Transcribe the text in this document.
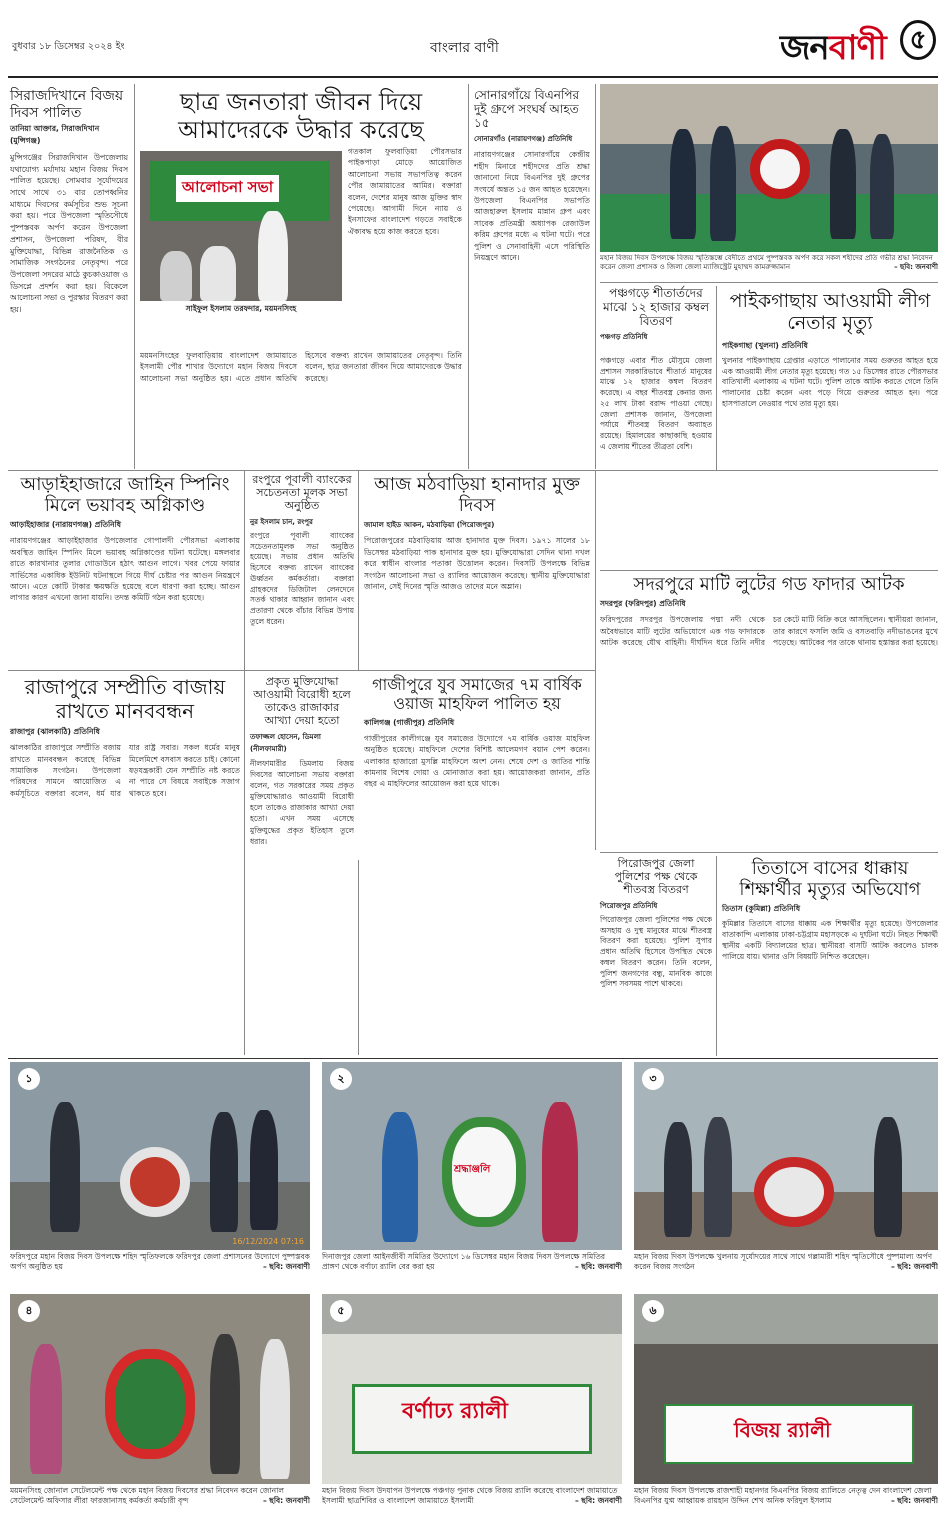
বুধবার ১৮ ডিসেম্বর ২০২৪ ইং	বাংলার বাণী	জনবাণী ৫
সিরাজদিখানে বিজয় দিবস পালিত
তানিয়া আক্তার, সিরাজদিখান (মুন্সিগঞ্জ)
মুন্সিগঞ্জের সিরাজদিখান উপজেলায় যথাযোগ্য মর্যাদায় মহান বিজয় দিবস পালিত হয়েছে। সোমবার সূর্যোদয়ের সাথে সাথে ৩১ বার তোপধ্বনির মাধ্যমে দিবসের কর্মসূচির শুভ সূচনা করা হয়। পরে উপজেলা স্মৃতিসৌধে পুষ্পস্তবক অর্পণ করেন উপজেলা প্রশাসন, উপজেলা পরিষদ, বীর মুক্তিযোদ্ধা, বিভিন্ন রাজনৈতিক ও সামাজিক সংগঠনের নেতৃবৃন্দ। পরে উপজেলা সদরের মাঠে কুচকাওয়াজ ও ডিসপ্লে প্রদর্শন করা হয়। বিকেলে আলোচনা সভা ও পুরস্কার বিতরণ করা হয়।
ছাত্র জনতারা জীবন দিয়ে আমাদেরকে উদ্ধার করেছে
আলোচনা সভা
সাইফুল ইসলাম তরফদার, ময়মনসিংহ
গতকাল ফুলবাড়িয়া পৌরসভার পাইকপাড়া মোড়ে আয়োজিত আলোচনা সভায় সভাপতিত্ব করেন পৌর জামায়াতের আমির। বক্তারা বলেন, দেশের মানুষ আজ মুক্তির স্বাদ পেয়েছে। আগামী দিনে ন্যায় ও ইনসাফের বাংলাদেশ গড়তে সবাইকে ঐক্যবদ্ধ হয়ে কাজ করতে হবে।
ময়মনসিংহের ফুলবাড়িয়ায় বাংলাদেশ জামায়াতে ইসলামী পৌর শাখার উদ্যোগে মহান বিজয় দিবসে আলোচনা সভা অনুষ্ঠিত হয়। এতে প্রধান অতিথি হিসেবে বক্তব্য রাখেন জামায়াতের নেতৃবৃন্দ। তিনি বলেন, ছাত্র জনতারা জীবন দিয়ে আমাদেরকে উদ্ধার করেছে।
সোনারগাঁয়ে বিএনপির দুই গ্রুপে সংঘর্ষ আহত ১৫
সোনারগাঁও (নারায়ণগঞ্জ) প্রতিনিধি
নারায়ণগঞ্জের সোনারগাঁয়ে কেন্দ্রীয় শহীদ মিনারে শহীদদের প্রতি শ্রদ্ধা জানানো নিয়ে বিএনপির দুই গ্রুপের সংঘর্ষে অন্তত ১৫ জন আহত হয়েছেন। উপজেলা বিএনপির সভাপতি আজহারুল ইসলাম মান্নান গ্রুপ এবং সাবেক প্রতিমন্ত্রী অধ্যাপক রেজাউল করিম গ্রুপের মধ্যে এ ঘটনা ঘটে। পরে পুলিশ ও সেনাবাহিনী এসে পরিস্থিতি নিয়ন্ত্রণে আনে।	মহান বিজয় দিবস উপলক্ষে বিজয় স্মৃতিস্তম্ভে বেদীতে প্রথমে পুষ্পস্তবক অর্পণ করে সকল শহীদের প্রতি গভীর শ্রদ্ধা নিবেদন করেন জেলা প্রশাসক ও জিলা জেলা ম্যাজিস্ট্রেট মুহাম্মদ কামরুজ্জামান	– ছবি: জনবাণী
পঞ্চগড়ে শীতার্তদের মাঝে ১২ হাজার কম্বল বিতরণ
পঞ্চগড় প্রতিনিধি
পঞ্চগড়ে এবার শীত মৌসুমে জেলা প্রশাসন সরকারিভাবে শীতার্ত মানুষের মাঝে ১২ হাজার কম্বল বিতরণ করেছে। এ বছর শীতবস্ত্র কেনার জন্য ২৫ লাখ টাকা বরাদ্দ পাওয়া গেছে। জেলা প্রশাসক জানান, উপজেলা পর্যায়ে শীতবস্ত্র বিতরণ অব্যাহত রয়েছে। হিমালয়ের কাছাকাছি হওয়ায় এ জেলায় শীতের তীব্রতা বেশি।
পাইকগাছায় আওয়ামী লীগ নেতার মৃত্যু
পাইকগাছা (খুলনা) প্রতিনিধি
খুলনার পাইকগাছায় গ্রেপ্তার এড়াতে পালানোর সময় গুরুতর আহত হয়ে এক আওয়ামী লীগ নেতার মৃত্যু হয়েছে। গত ১৫ ডিসেম্বর রাতে পৌরসভার বাতিখালী এলাকায় এ ঘটনা ঘটে। পুলিশ তাকে আটক করতে গেলে তিনি পালানোর চেষ্টা করেন এবং পড়ে গিয়ে গুরুতর আহত হন। পরে হাসপাতালে নেওয়ার পথে তার মৃত্যু হয়।
আড়াইহাজারে জাহিন স্পিনিং মিলে ভয়াবহ অগ্নিকাণ্ড
আড়াইহাজার (নারায়ণগঞ্জ) প্রতিনিধি
নারায়ণগঞ্জের আড়াইহাজার উপজেলার গোপালদী পৌরসভা এলাকায় অবস্থিত জাহিন স্পিনিং মিলে ভয়াবহ অগ্নিকাণ্ডের ঘটনা ঘটেছে। মঙ্গলবার রাতে কারখানার তুলার গোডাউনে হঠাৎ আগুন লাগে। খবর পেয়ে ফায়ার সার্ভিসের একাধিক ইউনিট ঘটনাস্থলে গিয়ে দীর্ঘ চেষ্টার পর আগুন নিয়ন্ত্রণে আনে। এতে কোটি টাকার ক্ষয়ক্ষতি হয়েছে বলে ধারণা করা হচ্ছে। আগুন লাগার কারণ এখনো জানা যায়নি। তদন্ত কমিটি গঠন করা হয়েছে।
রংপুরে পূবালী ব্যাংকের সচেতনতা মূলক সভা অনুষ্ঠিত
নুর ইসলাম চান, রংপুর
রংপুরে পূবালী ব্যাংকের সচেতনতামূলক সভা অনুষ্ঠিত হয়েছে। সভায় প্রধান অতিথি হিসেবে বক্তব্য রাখেন ব্যাংকের ঊর্ধ্বতন কর্মকর্তারা। বক্তারা গ্রাহকদের ডিজিটাল লেনদেনে সতর্ক থাকার আহ্বান জানান এবং প্রতারণা থেকে বাঁচার বিভিন্ন উপায় তুলে ধরেন।
আজ মঠবাড়িয়া হানাদার মুক্ত দিবস
জামাল হাইড আকন, মঠবাড়িয়া (পিরোজপুর)
পিরোজপুরের মঠবাড়িয়ায় আজ হানাদার মুক্ত দিবস। ১৯৭১ সালের ১৮ ডিসেম্বর মঠবাড়িয়া পাক হানাদার মুক্ত হয়। মুক্তিযোদ্ধারা সেদিন থানা দখল করে স্বাধীন বাংলার পতাকা উত্তোলন করেন। দিবসটি উপলক্ষে বিভিন্ন সংগঠন আলোচনা সভা ও র‌্যালির আয়োজন করেছে। স্থানীয় মুক্তিযোদ্ধারা জানান, সেই দিনের স্মৃতি আজও তাদের মনে অম্লান।	সদরপুরে মাটি লুটের গড ফাদার আটক
সদরপুর (ফরিদপুর) প্রতিনিধি
ফরিদপুরের সদরপুর উপজেলায় পদ্মা নদী থেকে অবৈধভাবে মাটি লুটের অভিযোগে এক গড ফাদারকে আটক করেছে যৌথ বাহিনী। দীর্ঘদিন ধরে তিনি নদীর চর কেটে মাটি বিক্রি করে আসছিলেন। স্থানীয়রা জানান, তার কারণে ফসলি জমি ও বসতবাড়ি নদীভাঙনের মুখে পড়েছে। আটকের পর তাকে থানায় হস্তান্তর করা হয়েছে।
রাজাপুরে সম্প্রীতি বাজায় রাখতে মানববন্ধন
রাজাপুর (ঝালকাঠি) প্রতিনিধি
ঝালকাঠির রাজাপুরে সম্প্রীতি বজায় রাখতে মানববন্ধন করেছে বিভিন্ন সামাজিক সংগঠন। উপজেলা পরিষদের সামনে আয়োজিত এ কর্মসূচিতে বক্তারা বলেন, ধর্ম যার যার রাষ্ট্র সবার। সকল ধর্মের মানুষ মিলেমিশে বসবাস করতে চাই। কোনো ষড়যন্ত্রকারী যেন সম্প্রীতি নষ্ট করতে না পারে সে বিষয়ে সবাইকে সজাগ থাকতে হবে।
প্রকৃত মুক্তিযোদ্ধা আওয়ামী বিরোধী হলে তাকেও রাজাকার আখ্যা দেয়া হতো
তফাজ্জল হোসেন, ডিমলা (নীলফামারী)
নীলফামারীর ডিমলায় বিজয় দিবসের আলোচনা সভায় বক্তারা বলেন, গত সরকারের সময় প্রকৃত মুক্তিযোদ্ধারাও আওয়ামী বিরোধী হলে তাকেও রাজাকার আখ্যা দেয়া হতো। এখন সময় এসেছে মুক্তিযুদ্ধের প্রকৃত ইতিহাস তুলে ধরার।
গাজীপুরে যুব সমাজের ৭ম বার্ষিক ওয়াজ মাহফিল পালিত হয়
কালিগঞ্জ (গাজীপুর) প্রতিনিধি
গাজীপুরের কালীগঞ্জে যুব সমাজের উদ্যোগে ৭ম বার্ষিক ওয়াজ মাহফিল অনুষ্ঠিত হয়েছে। মাহফিলে দেশের বিশিষ্ট আলেমগণ বয়ান পেশ করেন। এলাকার হাজারো মুসল্লি মাহফিলে অংশ নেন। শেষে দেশ ও জাতির শান্তি কামনায় বিশেষ দোয়া ও মোনাজাত করা হয়। আয়োজকরা জানান, প্রতি বছর এ মাহফিলের আয়োজন করা হয়ে থাকে।
পিরোজপুর জেলা পুলিশের পক্ষ থেকে শীতবস্ত্র বিতরণ
পিরোজপুর প্রতিনিধি
পিরোজপুর জেলা পুলিশের পক্ষ থেকে অসহায় ও দুস্থ মানুষের মাঝে শীতবস্ত্র বিতরণ করা হয়েছে। পুলিশ সুপার প্রধান অতিথি হিসেবে উপস্থিত থেকে কম্বল বিতরণ করেন। তিনি বলেন, পুলিশ জনগণের বন্ধু, মানবিক কাজে পুলিশ সবসময় পাশে থাকবে।
তিতাসে বাসের ধাক্কায় শিক্ষার্থীর মৃত্যুর অভিযোগ
তিতাস (কুমিল্লা) প্রতিনিধি
কুমিল্লার তিতাসে বাসের ধাক্কায় এক শিক্ষার্থীর মৃত্যু হয়েছে। উপজেলার বাতাকান্দি এলাকায় ঢাকা-চট্টগ্রাম মহাসড়কে এ দুর্ঘটনা ঘটে। নিহত শিক্ষার্থী স্থানীয় একটি বিদ্যালয়ের ছাত্র। স্থানীয়রা বাসটি আটক করলেও চালক পালিয়ে যায়। থানার ওসি বিষয়টি নিশ্চিত করেছেন।
১
16/12/2024 07:16
ফরিদপুরে মহান বিজয় দিবস উপলক্ষে শহিদ স্মৃতিফলকে ফরিদপুর জেলা প্রশাসনের উদ্যোগে পুষ্পস্তবক অর্পণ অনুষ্ঠিত হয়	– ছবি: জনবাণী
শ্রদ্ধাঞ্জলি
২
দিনাজপুর জেলা আইনজীবী সমিতির উদ্যোগে ১৬ ডিসেম্বর মহান বিজয় দিবস উপলক্ষে সমিতির প্রাঙ্গণ থেকে বর্ণাঢ্য র‍্যালি বের করা হয়	– ছবি: জনবাণী
৩
মহান বিজয় দিবস উপলক্ষে খুলনায় সূর্যোদয়ের সাথে সাথে গল্লামারী শহিদ স্মৃতিসৌধে পুষ্পমাল্য অর্পণ করেন বিজয় সংগঠন	– ছবি: জনবাণী
৪
ময়মনসিংহ জোনাল সেটেলমেন্ট পক্ষ থেকে মহান বিজয় দিবসের শ্রদ্ধা নিবেদন করেন জোনাল সেটেলমেন্ট অফিসার লীরা ফারজানাসহ কর্মকর্তা কর্মচারী বৃন্দ	– ছবি: জনবাণী
বর্ণাঢ্য র‍্যালী
৫
মহান বিজয় দিবস উদযাপন উপলক্ষে পঞ্চগড় পুনাক থেকে বিজয় র‍্যালি করেছে বাংলাদেশ জামায়াতে ইসলামী ছাত্রশিবির ও বাংলাদেশ জামায়াতে ইসলামী	– ছবি: জনবাণী
বিজয় র‍্যালী
৬
মহান বিজয় দিবস উপলক্ষে রাজশাহী মহানগর বিএনপির বিজয় র‍্যালিতে নেতৃত্ব দেন বাংলাদেশ জেলা বিএনপির যুগ্ম আহ্বায়ক রায়হান উদ্দিন শেখ অনিক ফরিদুল ইসলাম	– ছবি: জনবাণী
